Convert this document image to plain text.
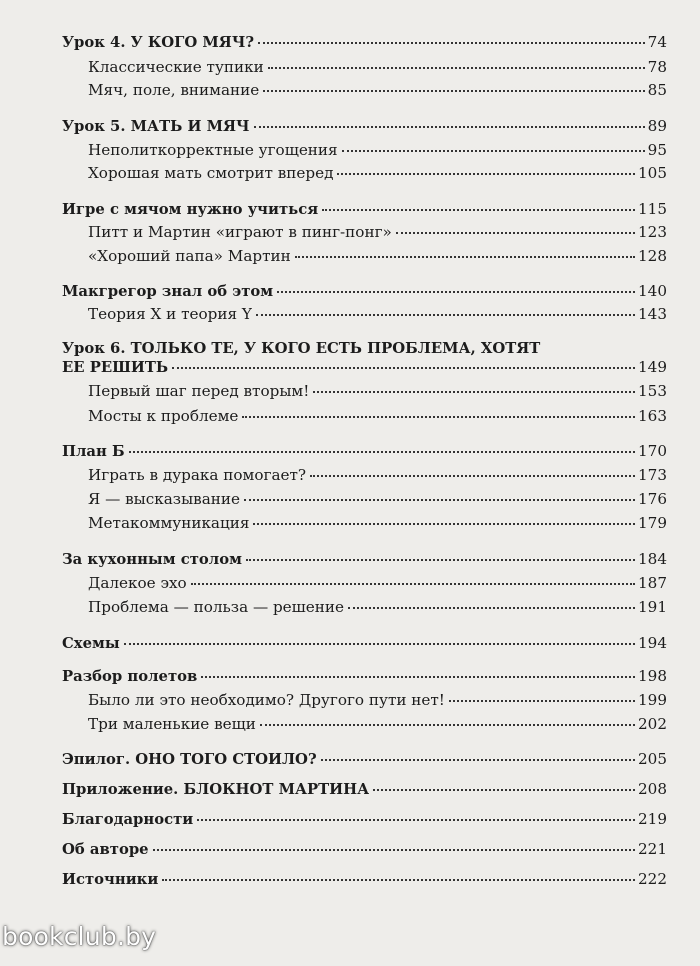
Урок 4. У КОГО МЯЧ?	74
Классические тупики	78
Мяч, поле, внимание	85
Урок 5. МАТЬ И МЯЧ	89
Неполиткорректные угощения	95
Хорошая мать смотрит вперед	105
Игре с мячом нужно учиться	115
Питт и Мартин «играют в пинг-понг»	123
«Хороший папа» Мартин	128
Макгрегор знал об этом	140
Теория X и теория Y	143
Урок 6. ТОЛЬКО ТЕ, У КОГО ЕСТЬ ПРОБЛЕМА, ХОТЯТ
ЕЕ РЕШИТЬ	149
Первый шаг перед вторым!	153
Мосты к проблеме	163
План Б	170
Играть в дурака помогает?	173
Я — высказывание	176
Метакоммуникация	179
За кухонным столом	184
Далекое эхо	187
Проблема — польза — решение	191
Схемы	194
Разбор полетов	198
Было ли это необходимо? Другого пути нет!	199
Три маленькие вещи	202
Эпилог. ОНО ТОГО СТОИЛО?	205
Приложение. БЛОКНОТ МАРТИНА	208
Благодарности	219
Об авторе	221
Источники	222
bookclub.by
